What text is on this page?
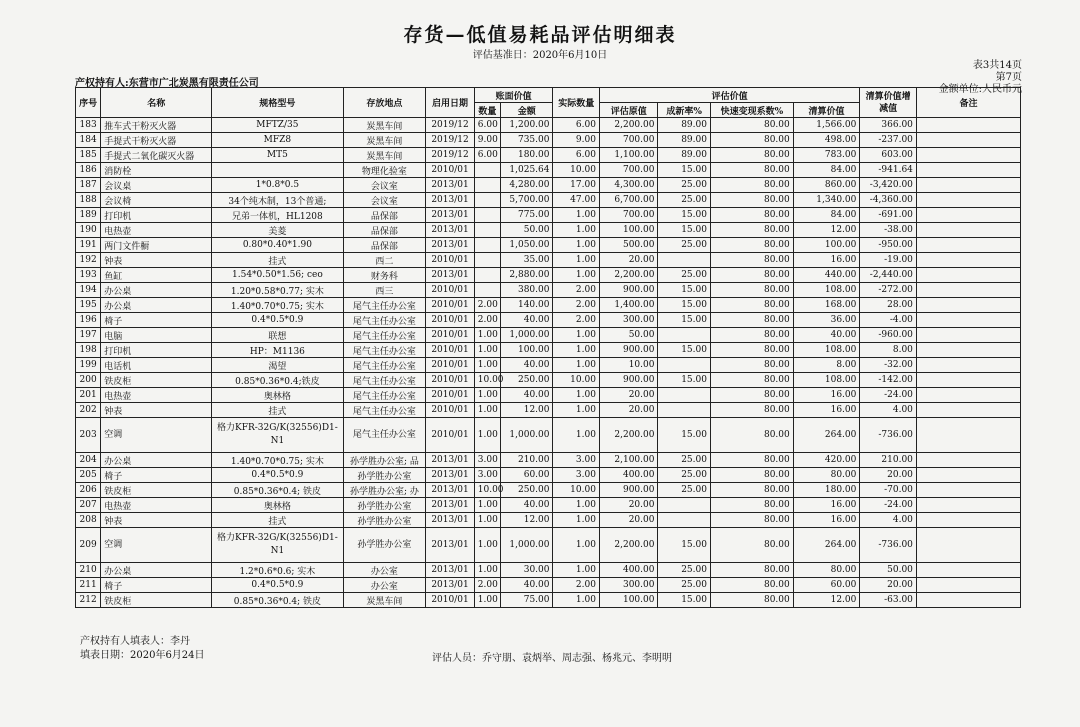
存货—低值易耗品评估明细表
评估基准日：2020年6月10日
表3共14页
第7页
金额单位:人民币元
产权持有人:东营市广北炭黑有限责任公司
序号	名称	规格型号	存放地点	启用日期	账面价值		实际数量	评估价值				清算价值增减值	备注
					数量	金额		评估原值	成新率%	快速变现系数%	清算价值		
183	推车式干粉灭火器	MFTZ/35	炭黑车间	2019/12	6.00	1,200.00	6.00	2,200.00	89.00	80.00	1,566.00	366.00	
184	手提式干粉灭火器	MFZ8	炭黑车间	2019/12	9.00	735.00	9.00	700.00	89.00	80.00	498.00	-237.00	
185	手提式二氧化碳灭火器	MT5	炭黑车间	2019/12	6.00	180.00	6.00	1,100.00	89.00	80.00	783.00	603.00	
186	消防栓		物理化验室	2010/01		1,025.64	10.00	700.00	15.00	80.00	84.00	-941.64	
187	会议桌	1*0.8*0.5	会议室	2013/01		4,280.00	17.00	4,300.00	25.00	80.00	860.00	-3,420.00	
188	会议椅	34个纯木制，13个普通;	会议室	2013/01		5,700.00	47.00	6,700.00	25.00	80.00	1,340.00	-4,360.00	
189	打印机	兄弟一体机，HL1208	品保部	2013/01		775.00	1.00	700.00	15.00	80.00	84.00	-691.00	
190	电热壶	美菱	品保部	2013/01		50.00	1.00	100.00	15.00	80.00	12.00	-38.00	
191	两门文件橱	0.80*0.40*1.90	品保部	2013/01		1,050.00	1.00	500.00	25.00	80.00	100.00	-950.00	
192	钟表	挂式	西二	2010/01		35.00	1.00	20.00		80.00	16.00	-19.00	
193	鱼缸	1.54*0.50*1.56; ceo	财务科	2013/01		2,880.00	1.00	2,200.00	25.00	80.00	440.00	-2,440.00	
194	办公桌	1.20*0.58*0.77; 实木	西三	2010/01		380.00	2.00	900.00	15.00	80.00	108.00	-272.00	
195	办公桌	1.40*0.70*0.75; 实木	尾气主任办公室	2010/01	2.00	140.00	2.00	1,400.00	15.00	80.00	168.00	28.00	
196	椅子	0.4*0.5*0.9	尾气主任办公室	2010/01	2.00	40.00	2.00	300.00	15.00	80.00	36.00	-4.00	
197	电脑	联想	尾气主任办公室	2010/01	1.00	1,000.00	1.00	50.00		80.00	40.00	-960.00	
198	打印机	HP：M1136	尾气主任办公室	2010/01	1.00	100.00	1.00	900.00	15.00	80.00	108.00	8.00	
199	电话机	渴望	尾气主任办公室	2010/01	1.00	40.00	1.00	10.00		80.00	8.00	-32.00	
200	铁皮柜	0.85*0.36*0.4;铁皮	尾气主任办公室	2010/01	10.00	250.00	10.00	900.00	15.00	80.00	108.00	-142.00	
201	电热壶	奥林格	尾气主任办公室	2010/01	1.00	40.00	1.00	20.00		80.00	16.00	-24.00	
202	钟表	挂式	尾气主任办公室	2010/01	1.00	12.00	1.00	20.00		80.00	16.00	4.00	
203	空调	格力KFR-32G/K(32556)D1-N1	尾气主任办公室	2010/01	1.00	1,000.00	1.00	2,200.00	15.00	80.00	264.00	-736.00	
204	办公桌	1.40*0.70*0.75; 实木	孙学胜办公室; 品	2013/01	3.00	210.00	3.00	2,100.00	25.00	80.00	420.00	210.00	
205	椅子	0.4*0.5*0.9	孙学胜办公室	2013/01	3.00	60.00	3.00	400.00	25.00	80.00	80.00	20.00	
206	铁皮柜	0.85*0.36*0.4; 铁皮	孙学胜办公室; 办	2013/01	10.00	250.00	10.00	900.00	25.00	80.00	180.00	-70.00	
207	电热壶	奥林格	孙学胜办公室	2013/01	1.00	40.00	1.00	20.00		80.00	16.00	-24.00	
208	钟表	挂式	孙学胜办公室	2013/01	1.00	12.00	1.00	20.00		80.00	16.00	4.00	
209	空调	格力KFR-32G/K(32556)D1-N1	孙学胜办公室	2013/01	1.00	1,000.00	1.00	2,200.00	15.00	80.00	264.00	-736.00	
210	办公桌	1.2*0.6*0.6; 实木	办公室	2013/01	1.00	30.00	1.00	400.00	25.00	80.00	80.00	50.00	
211	椅子	0.4*0.5*0.9	办公室	2013/01	2.00	40.00	2.00	300.00	25.00	80.00	60.00	20.00	
212	铁皮柜	0.85*0.36*0.4; 铁皮	炭黑车间	2010/01	1.00	75.00	1.00	100.00	15.00	80.00	12.00	-63.00	
产权持有人填表人：李丹
填表日期：2020年6月24日	评估人员：乔守朋、袁炳举、周志强、杨兆元、李明明
